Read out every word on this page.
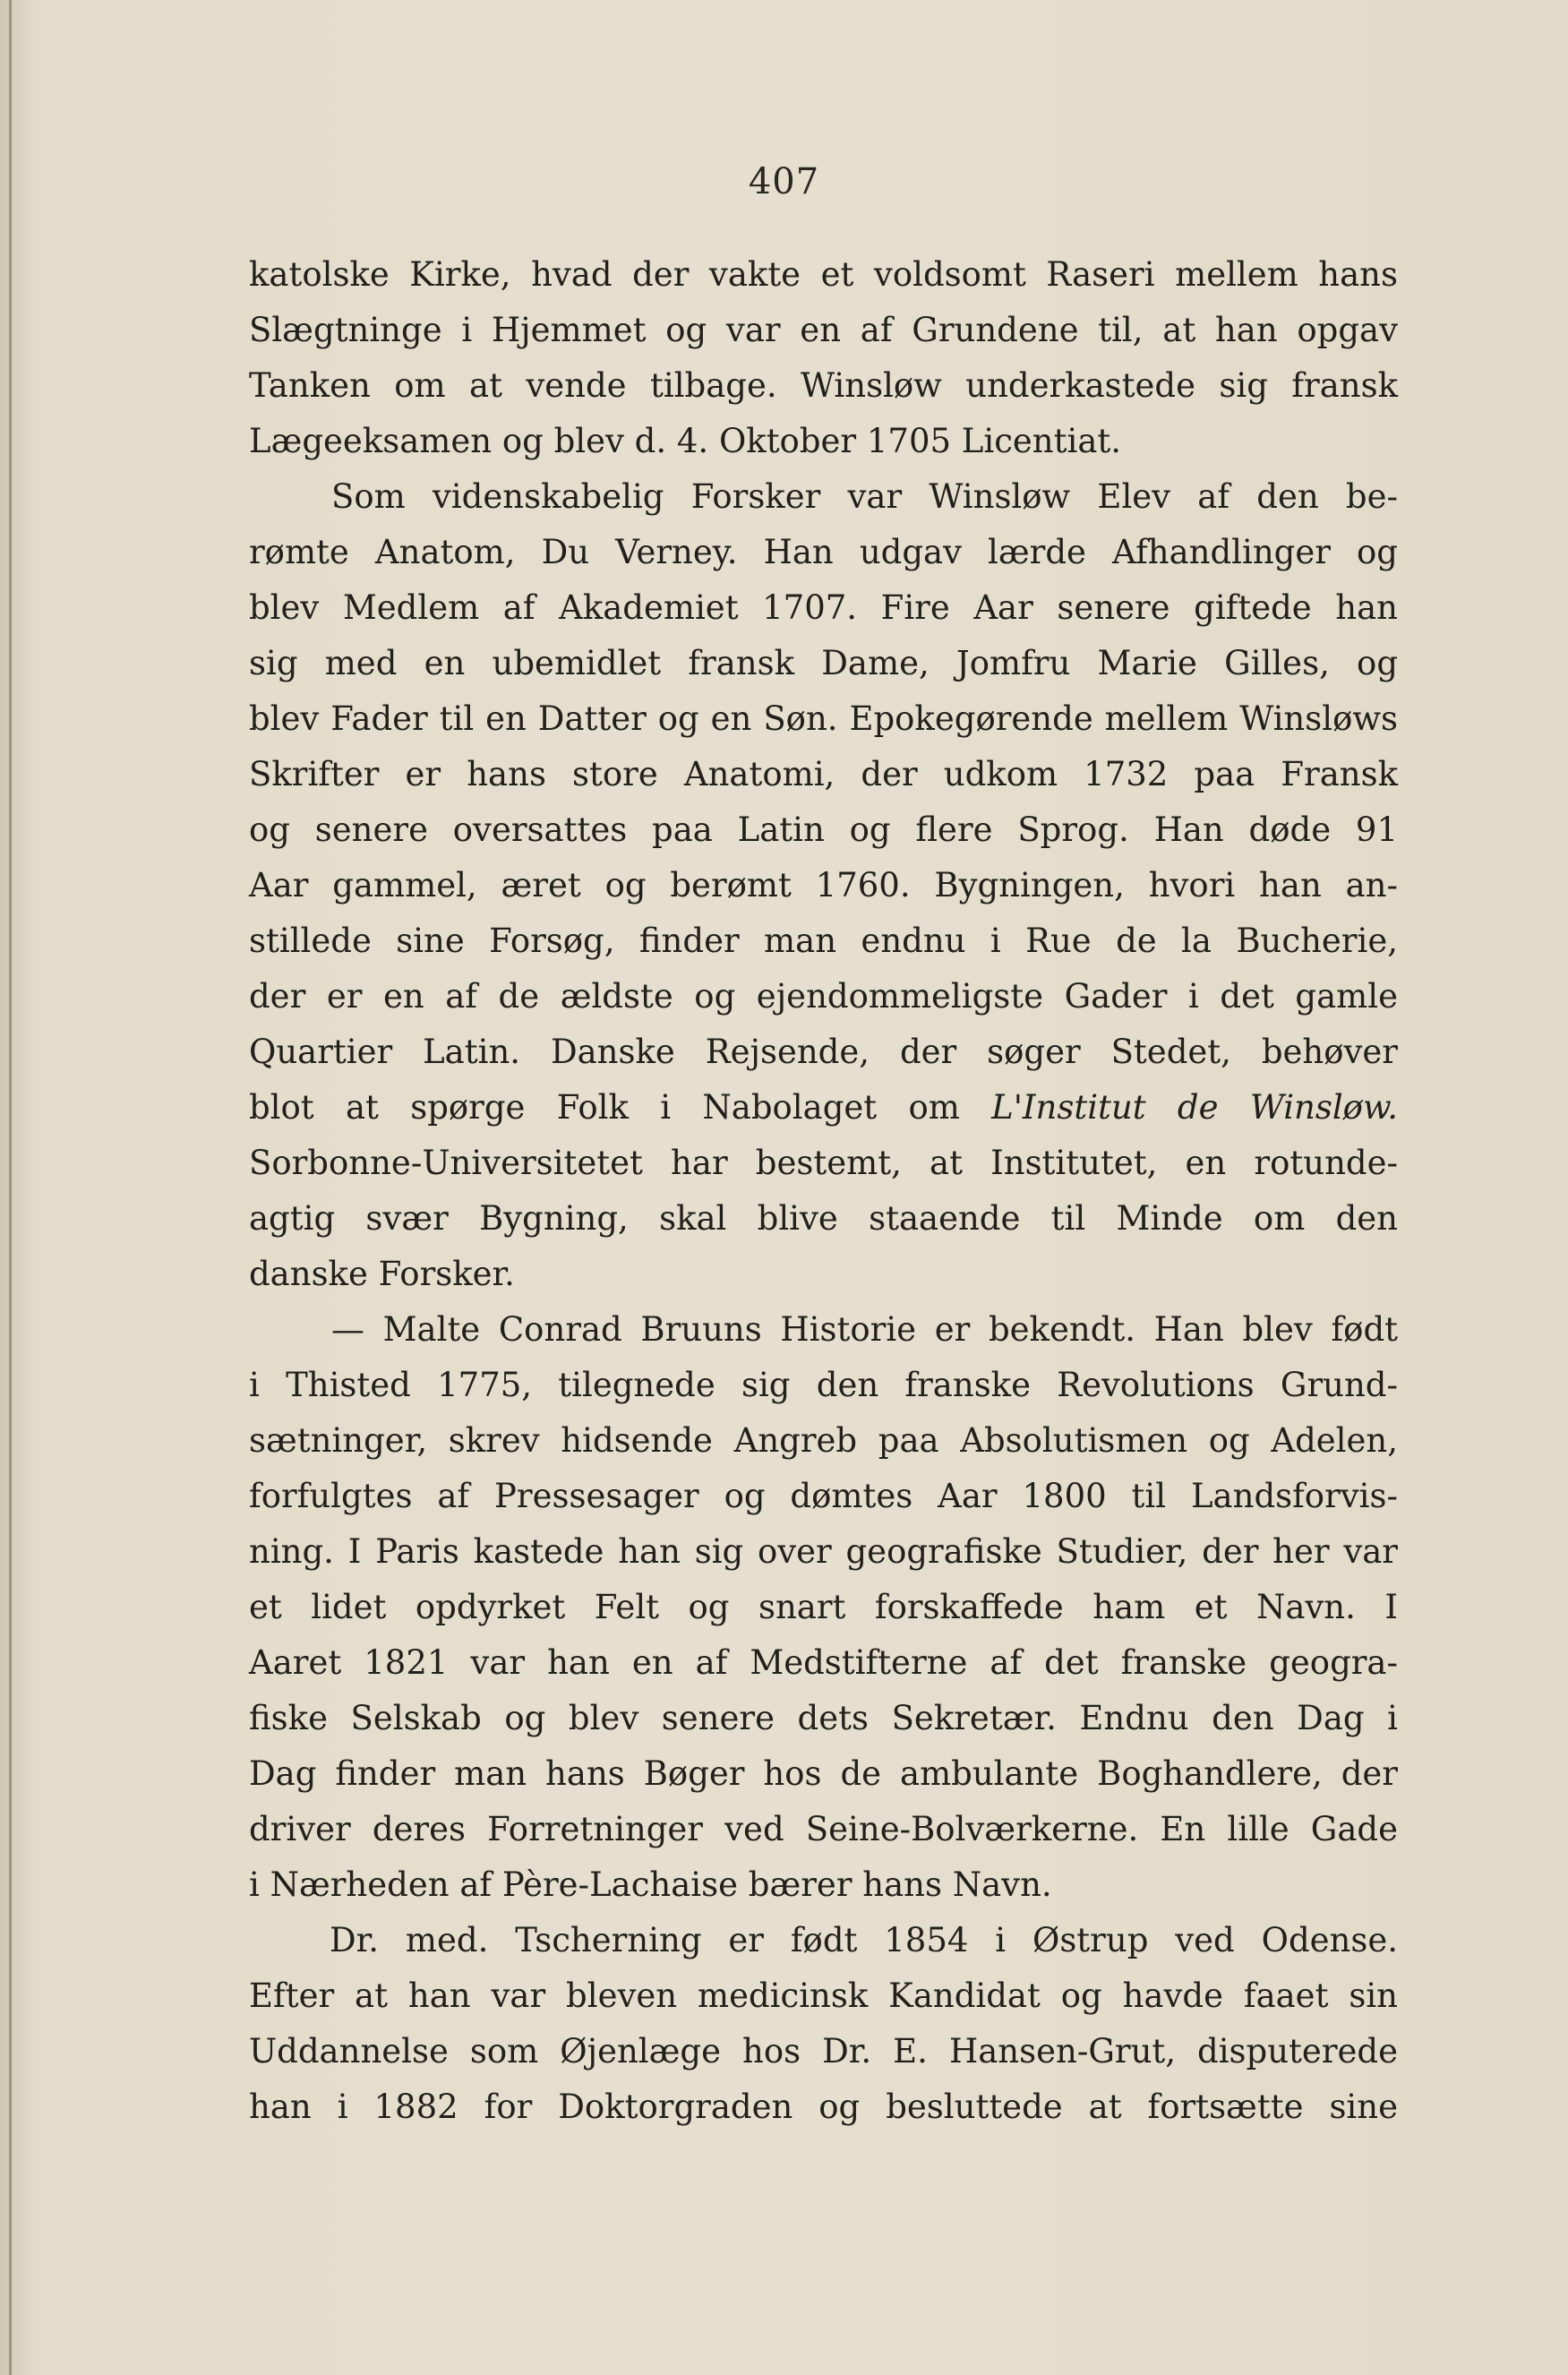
407
katolske Kirke, hvad der vakte et voldsomt Raseri mellem hans
Slægtninge i Hjemmet og var en af Grundene til, at han opgav
Tanken om at vende tilbage. Winsløw underkastede sig fransk
Lægeeksamen og blev d. 4. Oktober 1705 Licentiat.
Som videnskabelig Forsker var Winsløw Elev af den be-
rømte Anatom, Du Verney. Han udgav lærde Afhandlinger og
blev Medlem af Akademiet 1707. Fire Aar senere giftede han
sig med en ubemidlet fransk Dame, Jomfru Marie Gilles, og
blev Fader til en Datter og en Søn. Epokegørende mellem Winsløws
Skrifter er hans store Anatomi, der udkom 1732 paa Fransk
og senere oversattes paa Latin og flere Sprog. Han døde 91
Aar gammel, æret og berømt 1760. Bygningen, hvori han an-
stillede sine Forsøg, finder man endnu i Rue de la Bucherie,
der er en af de ældste og ejendommeligste Gader i det gamle
Quartier Latin. Danske Rejsende, der søger Stedet, behøver
blot at spørge Folk i Nabolaget om L'Institut de Winsløw.
Sorbonne-Universitetet har bestemt, at Institutet, en rotunde-
agtig svær Bygning, skal blive staaende til Minde om den
danske Forsker.
— Malte Conrad Bruuns Historie er bekendt. Han blev født
i Thisted 1775, tilegnede sig den franske Revolutions Grund-
sætninger, skrev hidsende Angreb paa Absolutismen og Adelen,
forfulgtes af Pressesager og dømtes Aar 1800 til Landsforvis-
ning. I Paris kastede han sig over geografiske Studier, der her var
et lidet opdyrket Felt og snart forskaffede ham et Navn. I
Aaret 1821 var han en af Medstifterne af det franske geogra-
fiske Selskab og blev senere dets Sekretær. Endnu den Dag i
Dag finder man hans Bøger hos de ambulante Boghandlere, der
driver deres Forretninger ved Seine-Bolværkerne. En lille Gade
i Nærheden af Père-Lachaise bærer hans Navn.
Dr. med. Tscherning er født 1854 i Østrup ved Odense.
Efter at han var bleven medicinsk Kandidat og havde faaet sin
Uddannelse som Øjenlæge hos Dr. E. Hansen-Grut, disputerede
han i 1882 for Doktorgraden og besluttede at fortsætte sine
